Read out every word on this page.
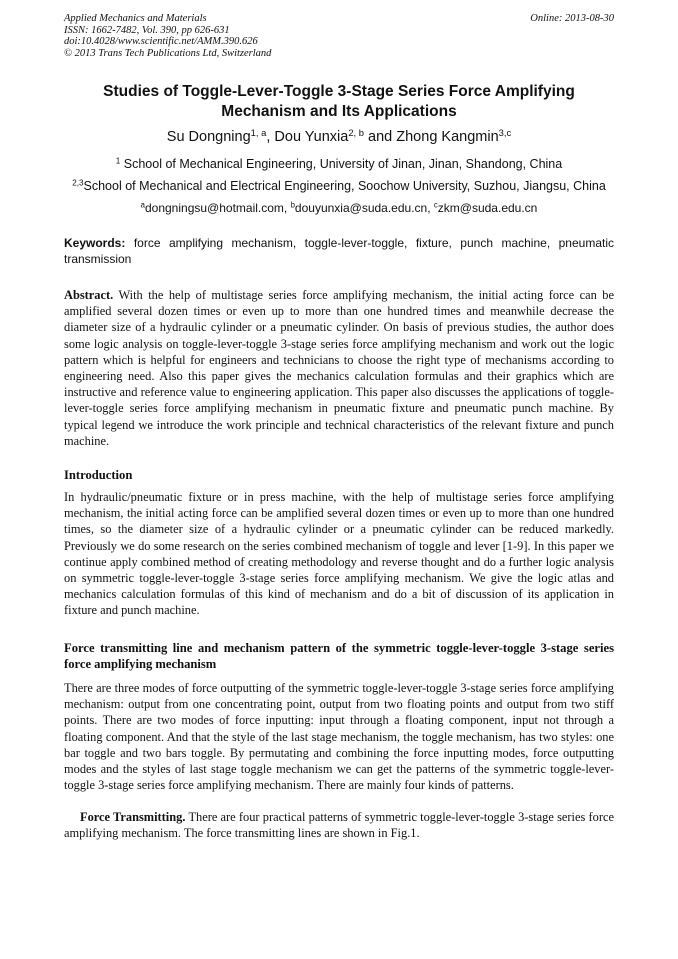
Applied Mechanics and Materials
ISSN: 1662-7482, Vol. 390, pp 626-631
doi:10.4028/www.scientific.net/AMM.390.626
© 2013 Trans Tech Publications Ltd, Switzerland
Online: 2013-08-30
Studies of Toggle-Lever-Toggle 3-Stage Series Force Amplifying Mechanism and Its Applications
Su Dongning$^{1, a}$, Dou Yunxia$^{2, b}$ and Zhong Kangmin$^{3,c}$
$^1$ School of Mechanical Engineering, University of Jinan, Jinan, Shandong, China
$^{2,3}$School of Mechanical and Electrical Engineering, Soochow University, Suzhou, Jiangsu, China
$^a$dongningsu@hotmail.com, $^b$douyunxia@suda.edu.cn, $^c$zkm@suda.edu.cn
Keywords: force amplifying mechanism, toggle-lever-toggle, fixture, punch machine, pneumatic transmission
Abstract. With the help of multistage series force amplifying mechanism, the initial acting force can be amplified several dozen times or even up to more than one hundred times and meanwhile decrease the diameter size of a hydraulic cylinder or a pneumatic cylinder. On basis of previous studies, the author does some logic analysis on toggle-lever-toggle 3-stage series force amplifying mechanism and work out the logic pattern which is helpful for engineers and technicians to choose the right type of mechanisms according to engineering need. Also this paper gives the mechanics calculation formulas and their graphics which are instructive and reference value to engineering application. This paper also discusses the applications of toggle-lever-toggle series force amplifying mechanism in pneumatic fixture and pneumatic punch machine. By typical legend we introduce the work principle and technical characteristics of the relevant fixture and punch machine.
Introduction
In hydraulic/pneumatic fixture or in press machine, with the help of multistage series force amplifying mechanism, the initial acting force can be amplified several dozen times or even up to more than one hundred times, so the diameter size of a hydraulic cylinder or a pneumatic cylinder can be reduced markedly. Previously we do some research on the series combined mechanism of toggle and lever [1-9]. In this paper we continue apply combined method of creating methodology and reverse thought and do a further logic analysis on symmetric toggle-lever-toggle 3-stage series force amplifying mechanism. We give the logic atlas and mechanics calculation formulas of this kind of mechanism and do a bit of discussion of its application in fixture and punch machine.
Force transmitting line and mechanism pattern of the symmetric toggle-lever-toggle 3-stage series force amplifying mechanism
There are three modes of force outputting of the symmetric toggle-lever-toggle 3-stage series force amplifying mechanism: output from one concentrating point, output from two floating points and output from two stiff points. There are two modes of force inputting: input through a floating component, input not through a floating component. And that the style of the last stage mechanism, the toggle mechanism, has two styles: one bar toggle and two bars toggle. By permutating and combining the force inputting modes, force outputting modes and the styles of last stage toggle mechanism we can get the patterns of the symmetric toggle-lever-toggle 3-stage series force amplifying mechanism. There are mainly four kinds of patterns.
Force Transmitting. There are four practical patterns of symmetric toggle-lever-toggle 3-stage series force amplifying mechanism. The force transmitting lines are shown in Fig.1.
